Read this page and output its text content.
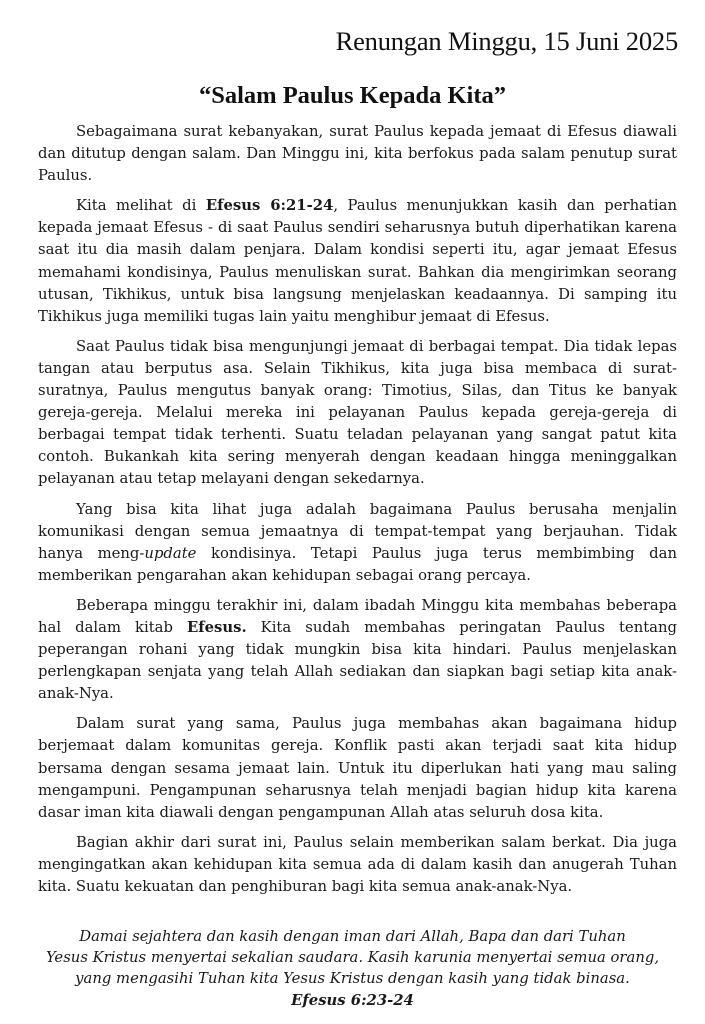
Renungan Minggu, 15 Juni 2025
“Salam Paulus Kepada Kita”

Sebagaimana surat kebanyakan, surat Paulus kepada jemaat di Efesus diawali dan ditutup dengan salam. Dan Minggu ini, kita berfokus pada salam penutup surat Paulus.

Kita melihat di Efesus 6:21-24, Paulus menunjukkan kasih dan perhatian kepada jemaat Efesus - di saat Paulus sendiri seharusnya butuh diperhatikan karena saat itu dia masih dalam penjara. Dalam kondisi seperti itu, agar jemaat Efesus memahami kondisinya, Paulus menuliskan surat. Bahkan dia mengirimkan seorang utusan, Tikhikus, untuk bisa langsung menjelaskan keadaannya. Di samping itu Tikhikus juga memiliki tugas lain yaitu menghibur jemaat di Efesus.

Saat Paulus tidak bisa mengunjungi jemaat di berbagai tempat. Dia tidak lepas tangan atau berputus asa. Selain Tikhikus, kita juga bisa membaca di surat-suratnya, Paulus mengutus banyak orang: Timotius, Silas, dan Titus ke banyak gereja-gereja. Melalui mereka ini pelayanan Paulus kepada gereja-gereja di berbagai tempat tidak terhenti. Suatu teladan pelayanan yang sangat patut kita contoh. Bukankah kita sering menyerah dengan keadaan hingga meninggalkan pelayanan atau tetap melayani dengan sekedarnya.

Yang bisa kita lihat juga adalah bagaimana Paulus berusaha menjalin komunikasi dengan semua jemaatnya di tempat-tempat yang berjauhan. Tidak hanya meng-update kondisinya. Tetapi Paulus juga terus membimbing dan memberikan pengarahan akan kehidupan sebagai orang percaya.

Beberapa minggu terakhir ini, dalam ibadah Minggu kita membahas beberapa hal dalam kitab Efesus. Kita sudah membahas peringatan Paulus tentang peperangan rohani yang tidak mungkin bisa kita hindari. Paulus menjelaskan perlengkapan senjata yang telah Allah sediakan dan siapkan bagi setiap kita anak-anak-Nya.

Dalam surat yang sama, Paulus juga membahas akan bagaimana hidup berjemaat dalam komunitas gereja. Konflik pasti akan terjadi saat kita hidup bersama dengan sesama jemaat lain. Untuk itu diperlukan hati yang mau saling mengampuni. Pengampunan seharusnya telah menjadi bagian hidup kita karena dasar iman kita diawali dengan pengampunan Allah atas seluruh dosa kita.

Bagian akhir dari surat ini, Paulus selain memberikan salam berkat. Dia juga mengingatkan akan kehidupan kita semua ada di dalam kasih dan anugerah Tuhan kita. Suatu kekuatan dan penghiburan bagi kita semua anak-anak-Nya.

Damai sejahtera dan kasih dengan iman dari Allah, Bapa dan dari Tuhan
Yesus Kristus menyertai sekalian saudara. Kasih karunia menyertai semua orang,
yang mengasihi Tuhan kita Yesus Kristus dengan kasih yang tidak binasa.
Efesus 6:23-24
